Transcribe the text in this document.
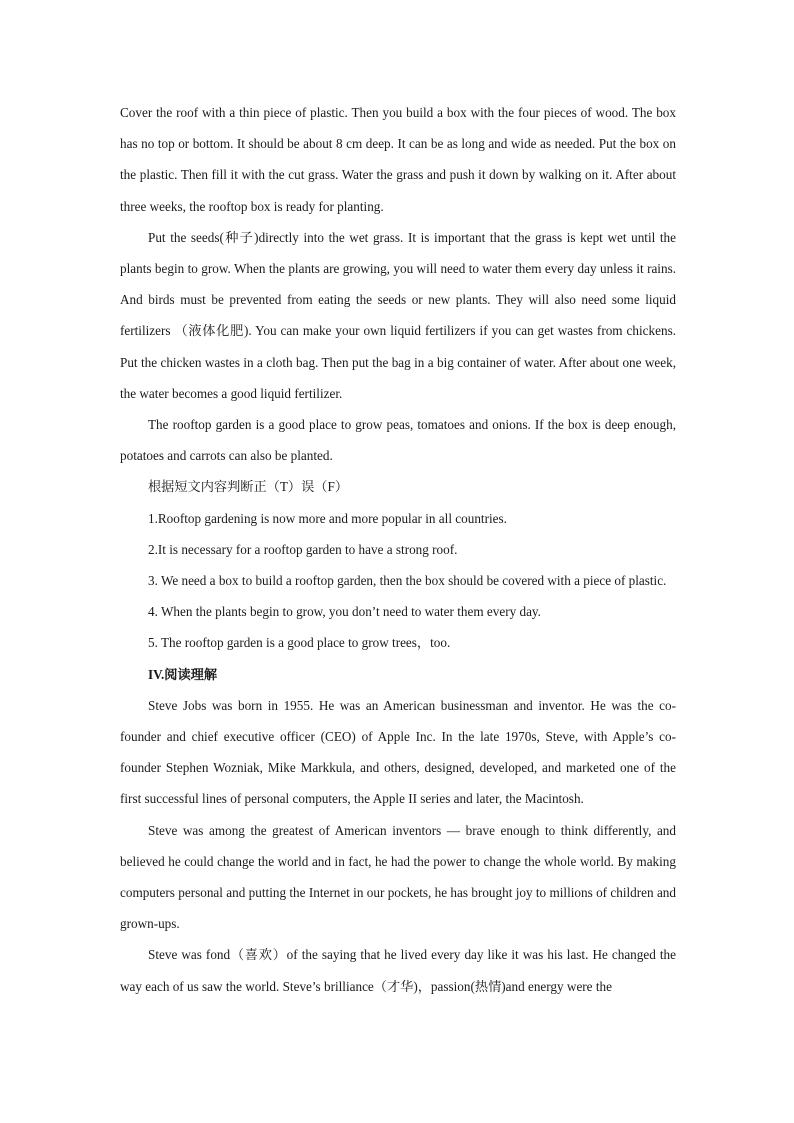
Cover the roof with a thin piece of plastic. Then you build a box with the four pieces of wood. The box has no top or bottom. It should be about 8 cm deep. It can be as long and wide as needed. Put the box on the plastic. Then fill it with the cut grass. Water the grass and push it down by walking on it. After about three weeks, the rooftop box is ready for planting.

Put the seeds(种子)directly into the wet grass. It is important that the grass is kept wet until the plants begin to grow. When the plants are growing, you will need to water them every day unless it rains. And birds must be prevented from eating the seeds or new plants. They will also need some liquid fertilizers （液体化肥). You can make your own liquid fertilizers if you can get wastes from chickens. Put the chicken wastes in a cloth bag. Then put the bag in a big container of water. After about one week, the water becomes a good liquid fertilizer.

The rooftop garden is a good place to grow peas, tomatoes and onions. If the box is deep enough, potatoes and carrots can also be planted.

根据短文内容判断正（T）误（F）

1.Rooftop gardening is now more and more popular in all countries.

2.It is necessary for a rooftop garden to have a strong roof.

3. We need a box to build a rooftop garden, then the box should be covered with a piece of plastic.

4. When the plants begin to grow, you don’t need to water them every day.

5. The rooftop garden is a good place to grow trees，too.

IV.阅读理解

Steve Jobs was born in 1955. He was an American businessman and inventor. He was the co-founder and chief executive officer (CEO) of Apple Inc. In the late 1970s, Steve, with Apple’s co-founder Stephen Wozniak, Mike Markkula, and others, designed, developed, and marketed one of the first successful lines of personal computers, the Apple II series and later, the Macintosh.

Steve was among the greatest of American inventors — brave enough to think differently, and believed he could change the world and in fact, he had the power to change the whole world. By making computers personal and putting the Internet in our pockets, he has brought joy to millions of children and grown-ups.

Steve was fond（喜欢）of the saying that he lived every day like it was his last. He changed the way each of us saw the world. Steve’s brilliance（才华)，passion(热情)and energy were the
